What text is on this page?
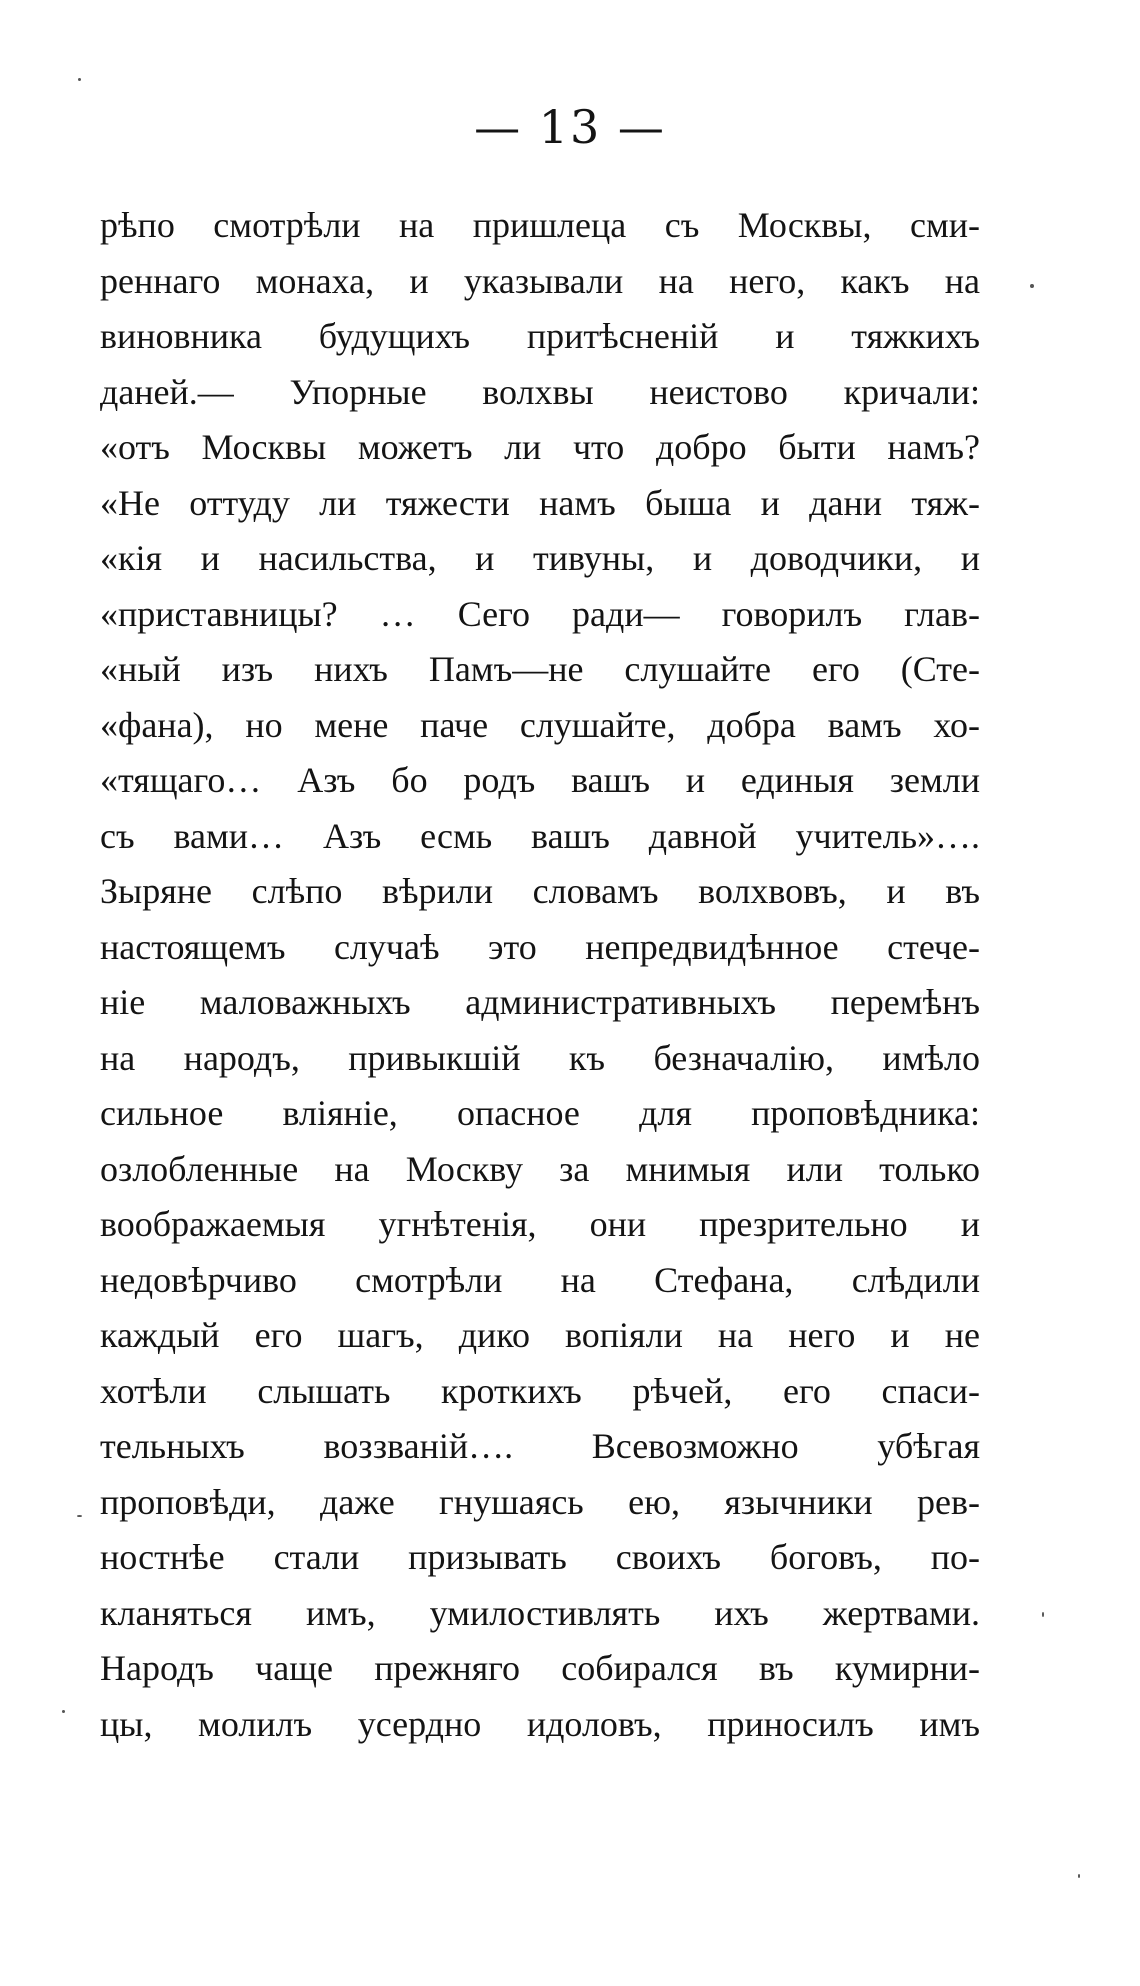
— 13 —
рѣпо смотрѣли на пришлеца съ Москвы, сми-
реннаго монаха, и указывали на него, какъ на
виновника будущихъ притѣсненій и тяжкихъ
даней.— Упорные волхвы неистово кричали:
«отъ Москвы можетъ ли что добро быти намъ?
«Не оттуду ли тяжести намъ быша и дани тяж-
«кія и насильства, и тивуны, и доводчики, и
«приставницы? … Сего ради— говорилъ глав-
«ный изъ нихъ Памъ—не слушайте его (Сте-
«фана), но мене паче слушайте, добра вамъ хо-
«тящаго… Азъ бо родъ вашъ и единыя земли
съ вами… Азъ есмь вашъ давной учитель»….
Зыряне слѣпо вѣрили словамъ волхвовъ, и въ
настоящемъ случаѣ это непредвидѣнное стече-
ніе маловажныхъ административныхъ перемѣнъ
на народъ, привыкшій къ безначалію, имѣло
сильное вліяніе, опасное для проповѣдника:
озлобленные на Москву за мнимыя или только
воображаемыя угнѣтенія, они презрительно и
недовѣрчиво смотрѣли на Стефана, слѣдили
каждый его шагъ, дико вопіяли на него и не
хотѣли слышать кроткихъ рѣчей, его спаси-
тельныхъ воззваній…. Всевозможно убѣгая
проповѣди, даже гнушаясь ею, язычники рев-
ностнѣе стали призывать своихъ боговъ, по-
кланяться имъ, умилостивлять ихъ жертвами.
Народъ чаще прежняго собирался въ кумирни-
цы, молилъ усердно идоловъ, приносилъ имъ
